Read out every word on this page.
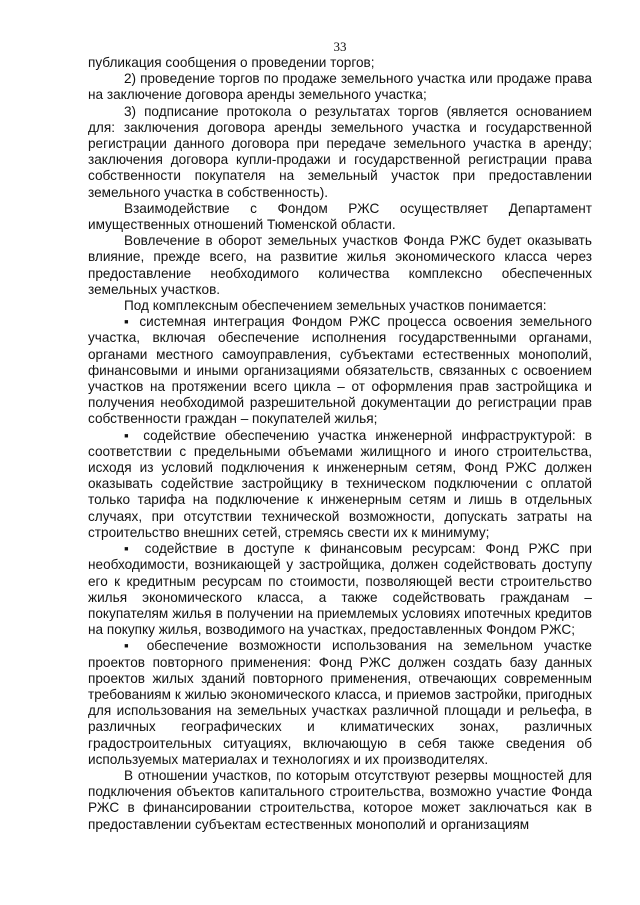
33

публикация сообщения о проведении торгов;

2) проведение торгов по продаже земельного участка или продаже права на заключение договора аренды земельного участка;

3) подписание протокола о результатах торгов (является основанием для: заключения договора аренды земельного участка и государственной регистрации данного договора при передаче земельного участка в аренду; заключения договора купли-продажи и государственной регистрации права собственности покупателя на земельный участок при предоставлении земельного участка в собственность).

Взаимодействие с Фондом РЖС осуществляет Департамент имущественных отношений Тюменской области.

Вовлечение в оборот земельных участков Фонда РЖС будет оказывать влияние, прежде всего, на развитие жилья экономического класса через предоставление необходимого количества комплексно обеспеченных земельных участков.

Под комплексным обеспечением земельных участков понимается:

▪ системная интеграция Фондом РЖС процесса освоения земельного участка, включая обеспечение исполнения государственными органами, органами местного самоуправления, субъектами естественных монополий, финансовыми и иными организациями обязательств, связанных с освоением участков на протяжении всего цикла – от оформления прав застройщика и получения необходимой разрешительной документации до регистрации прав собственности граждан – покупателей жилья;

▪ содействие обеспечению участка инженерной инфраструктурой: в соответствии с предельными объемами жилищного и иного строительства, исходя из условий подключения к инженерным сетям, Фонд РЖС должен оказывать содействие застройщику в техническом подключении с оплатой только тарифа на подключение к инженерным сетям и лишь в отдельных случаях, при отсутствии технической возможности, допускать затраты на строительство внешних сетей, стремясь свести их к минимуму;

▪ содействие в доступе к финансовым ресурсам: Фонд РЖС при необходимости, возникающей у застройщика, должен содействовать доступу его к кредитным ресурсам по стоимости, позволяющей вести строительство жилья экономического класса, а также содействовать гражданам – покупателям жилья в получении на приемлемых условиях ипотечных кредитов на покупку жилья, возводимого на участках, предоставленных Фондом РЖС;

▪ обеспечение возможности использования на земельном участке проектов повторного применения: Фонд РЖС должен создать базу данных проектов жилых зданий повторного применения, отвечающих современным требованиям к жилью экономического класса, и приемов застройки, пригодных для использования на земельных участках различной площади и рельефа, в различных географических и климатических зонах, различных градостроительных ситуациях, включающую в себя также сведения об используемых материалах и технологиях и их производителях.

В отношении участков, по которым отсутствуют резервы мощностей для подключения объектов капитального строительства, возможно участие Фонда РЖС в финансировании строительства, которое может заключаться как в предоставлении субъектам естественных монополий и организациям
